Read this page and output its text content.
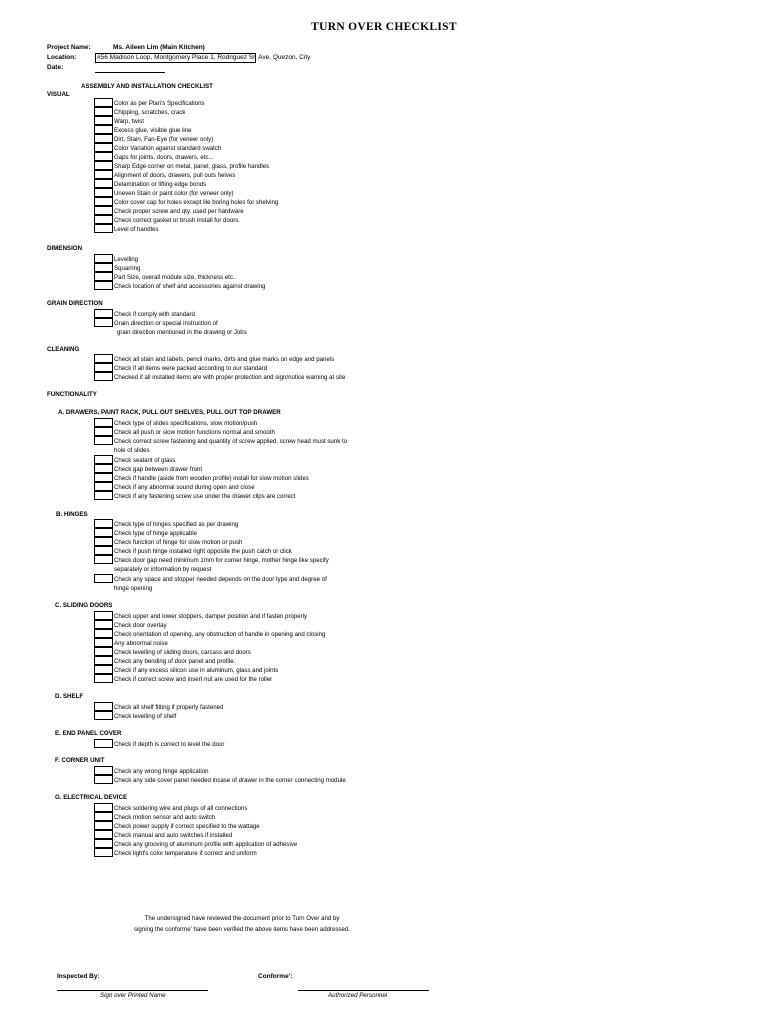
TURN OVER CHECKLIST
Project Name:	Ms. Aileen Lim (Main Kitchen)
Location:	#56 Madison Loop, Montgomery Place 1, Rodriguez Sr. Ave. Quezon, City
Date:
ASSEMBLY AND INSTALLATION CHECKLIST
VISUAL
Color as per Plan's Specifications
Chipping, scratches, crack
Warp, twist
Excess glue, visible glue line
Dirt, Stain, Fan-Eye (for veneer only)
Color Variation against standard swatch
Gaps for joints, doors, drawers, etc...
Sharp Edge corner on metal, panel, glass, profile handles
Alignment of doors, drawers, pull outs helves
Delamination or lifting edge bonds
Uneven Stain or paint color (for veneer only)
Color cover cap for holes except lile boring holes for shelving
Check proper screw and qty. used per hardware
Check correct gasket or brush install for doors.
Level of handles
DIMENSION
Levelling
Squarring
Part Size, overall module size, thickness etc..
Check location of shelf and accessories against drawing
GRAIN DIRECTION
Check if comply with standard
Grain direction or special instruction of
grain direction mentioned in the drawing or Jobs
CLEANING
Check all stain and labels, pencil marks, dirts and glue marks on edge and panels
Check if all items were packed according to our standard
Checked if all installed items are with proper protection and sign/notice warning at site
FUNCTIONALITY
A. DRAWERS, PAINT RACK, PULL OUT SHELVES, PULL OUT TOP DRAWER
Check type of slides specifications, slow motion/push
Check all push or slow motion functions normal and smooth
Check correct screw fastening and quantity of screw applied, screw head must sunk to
hole of slides
Check sealant of glass
Check gap between drawer front
Check if handle (aside from wooden profile) install for slow motion slides
Check if any abnormal sound during open and close
Check if any fastening screw use under the drawer clips are correct
B. HINGES
Check type of hinges specified as per drawing
Check type of hinge applicable
Check function of hinge for slow motion or push
Check if push hinge installed right opposite the push catch or click
Check door gap need minimum 1mm for corner hinge, mother hinge like specify
separately or information by request
Check any space and stopper needed depends on the door type and degree of
hinge opening
C. SLIDING DOORS
Check upper and lower stoppers, damper position and if fasten properly
Check door overlay
Check orientation of opening, any obstruction of handle in opening and closing
Any abnormal noise
Check levelling of sliding doors, carcass and doors
Check any bending of door panel and profile.
Check if any excess silicon use in aluminum, glass and joints
Check if correct screw and insert nut are used for the roller
D. SHELF
Check all shelf fitting if properly fastened
Check levelling of shelf
E. END PANEL COVER
Check if depth is correct to level the door
F. CORNER UNIT
Check any wrong hinge application
Check any side cover panel needed incase of drawer in the corner connecting module
G. ELECTRICAL DEVICE
Check soldering wire and plugs of all connections
Check motion sensor and auto switch
Check power supply if correct specified to the wattage
Check manual and auto switches if installed
Check any grooving of aluminum profile with application of adhesive
Check light's color temperature if correct and uniform
The undersigned have reviewed the document prior to Turn Over and by
signing the conforme' have been verified the above items have been addressed.
Inspected By:
Sign over Printed Name
Conforme':
Authorized Personnel
